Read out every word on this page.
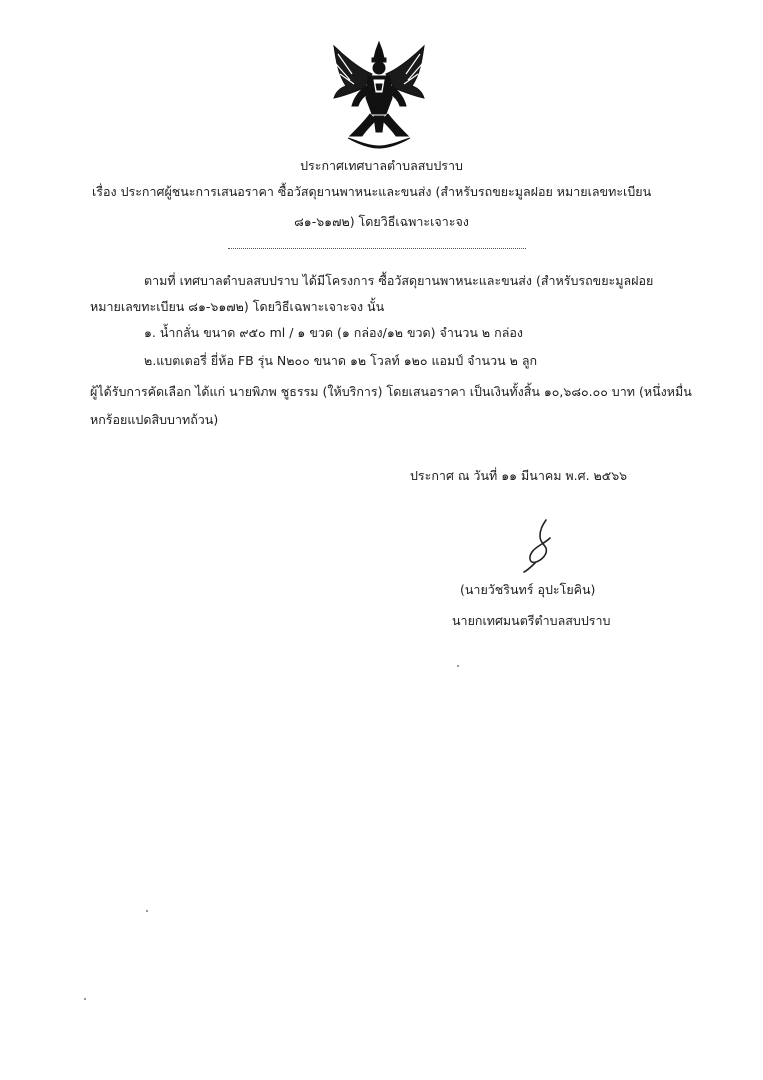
ประกาศเทศบาลตำบลสบปราบ
เรื่อง ประกาศผู้ชนะการเสนอราคา ซื้อวัสดุยานพาหนะและขนส่ง (สำหรับรถขยะมูลฝอย หมายเลขทะเบียน
๘๑-๖๑๗๒) โดยวิธีเฉพาะเจาะจง
ตามที่ เทศบาลตำบลสบปราบ ได้มีโครงการ ซื้อวัสดุยานพาหนะและขนส่ง (สำหรับรถขยะมูลฝอย
หมายเลขทะเบียน ๘๑-๖๑๗๒) โดยวิธีเฉพาะเจาะจง นั้น
๑. น้ำกลั่น ขนาด ๙๕๐ ml / ๑ ขวด (๑ กล่อง/๑๒ ขวด) จำนวน ๒ กล่อง
๒.แบตเตอรี่ ยี่ห้อ FB รุ่น N๒๐๐ ขนาด ๑๒ โวลท์ ๑๒๐ แอมป์ จำนวน ๒ ลูก
ผู้ได้รับการคัดเลือก ได้แก่ นายพิภพ ชูธรรม (ให้บริการ) โดยเสนอราคา เป็นเงินทั้งสิ้น ๑๐,๖๘๐.๐๐ บาท (หนึ่งหมื่น
หกร้อยแปดสิบบาทถ้วน)
ประกาศ ณ วันที่ ๑๑ มีนาคม พ.ศ. ๒๕๖๖
(นายวัชรินทร์ อุปะโยคิน)
นายกเทศมนตรีตำบลสบปราบ
